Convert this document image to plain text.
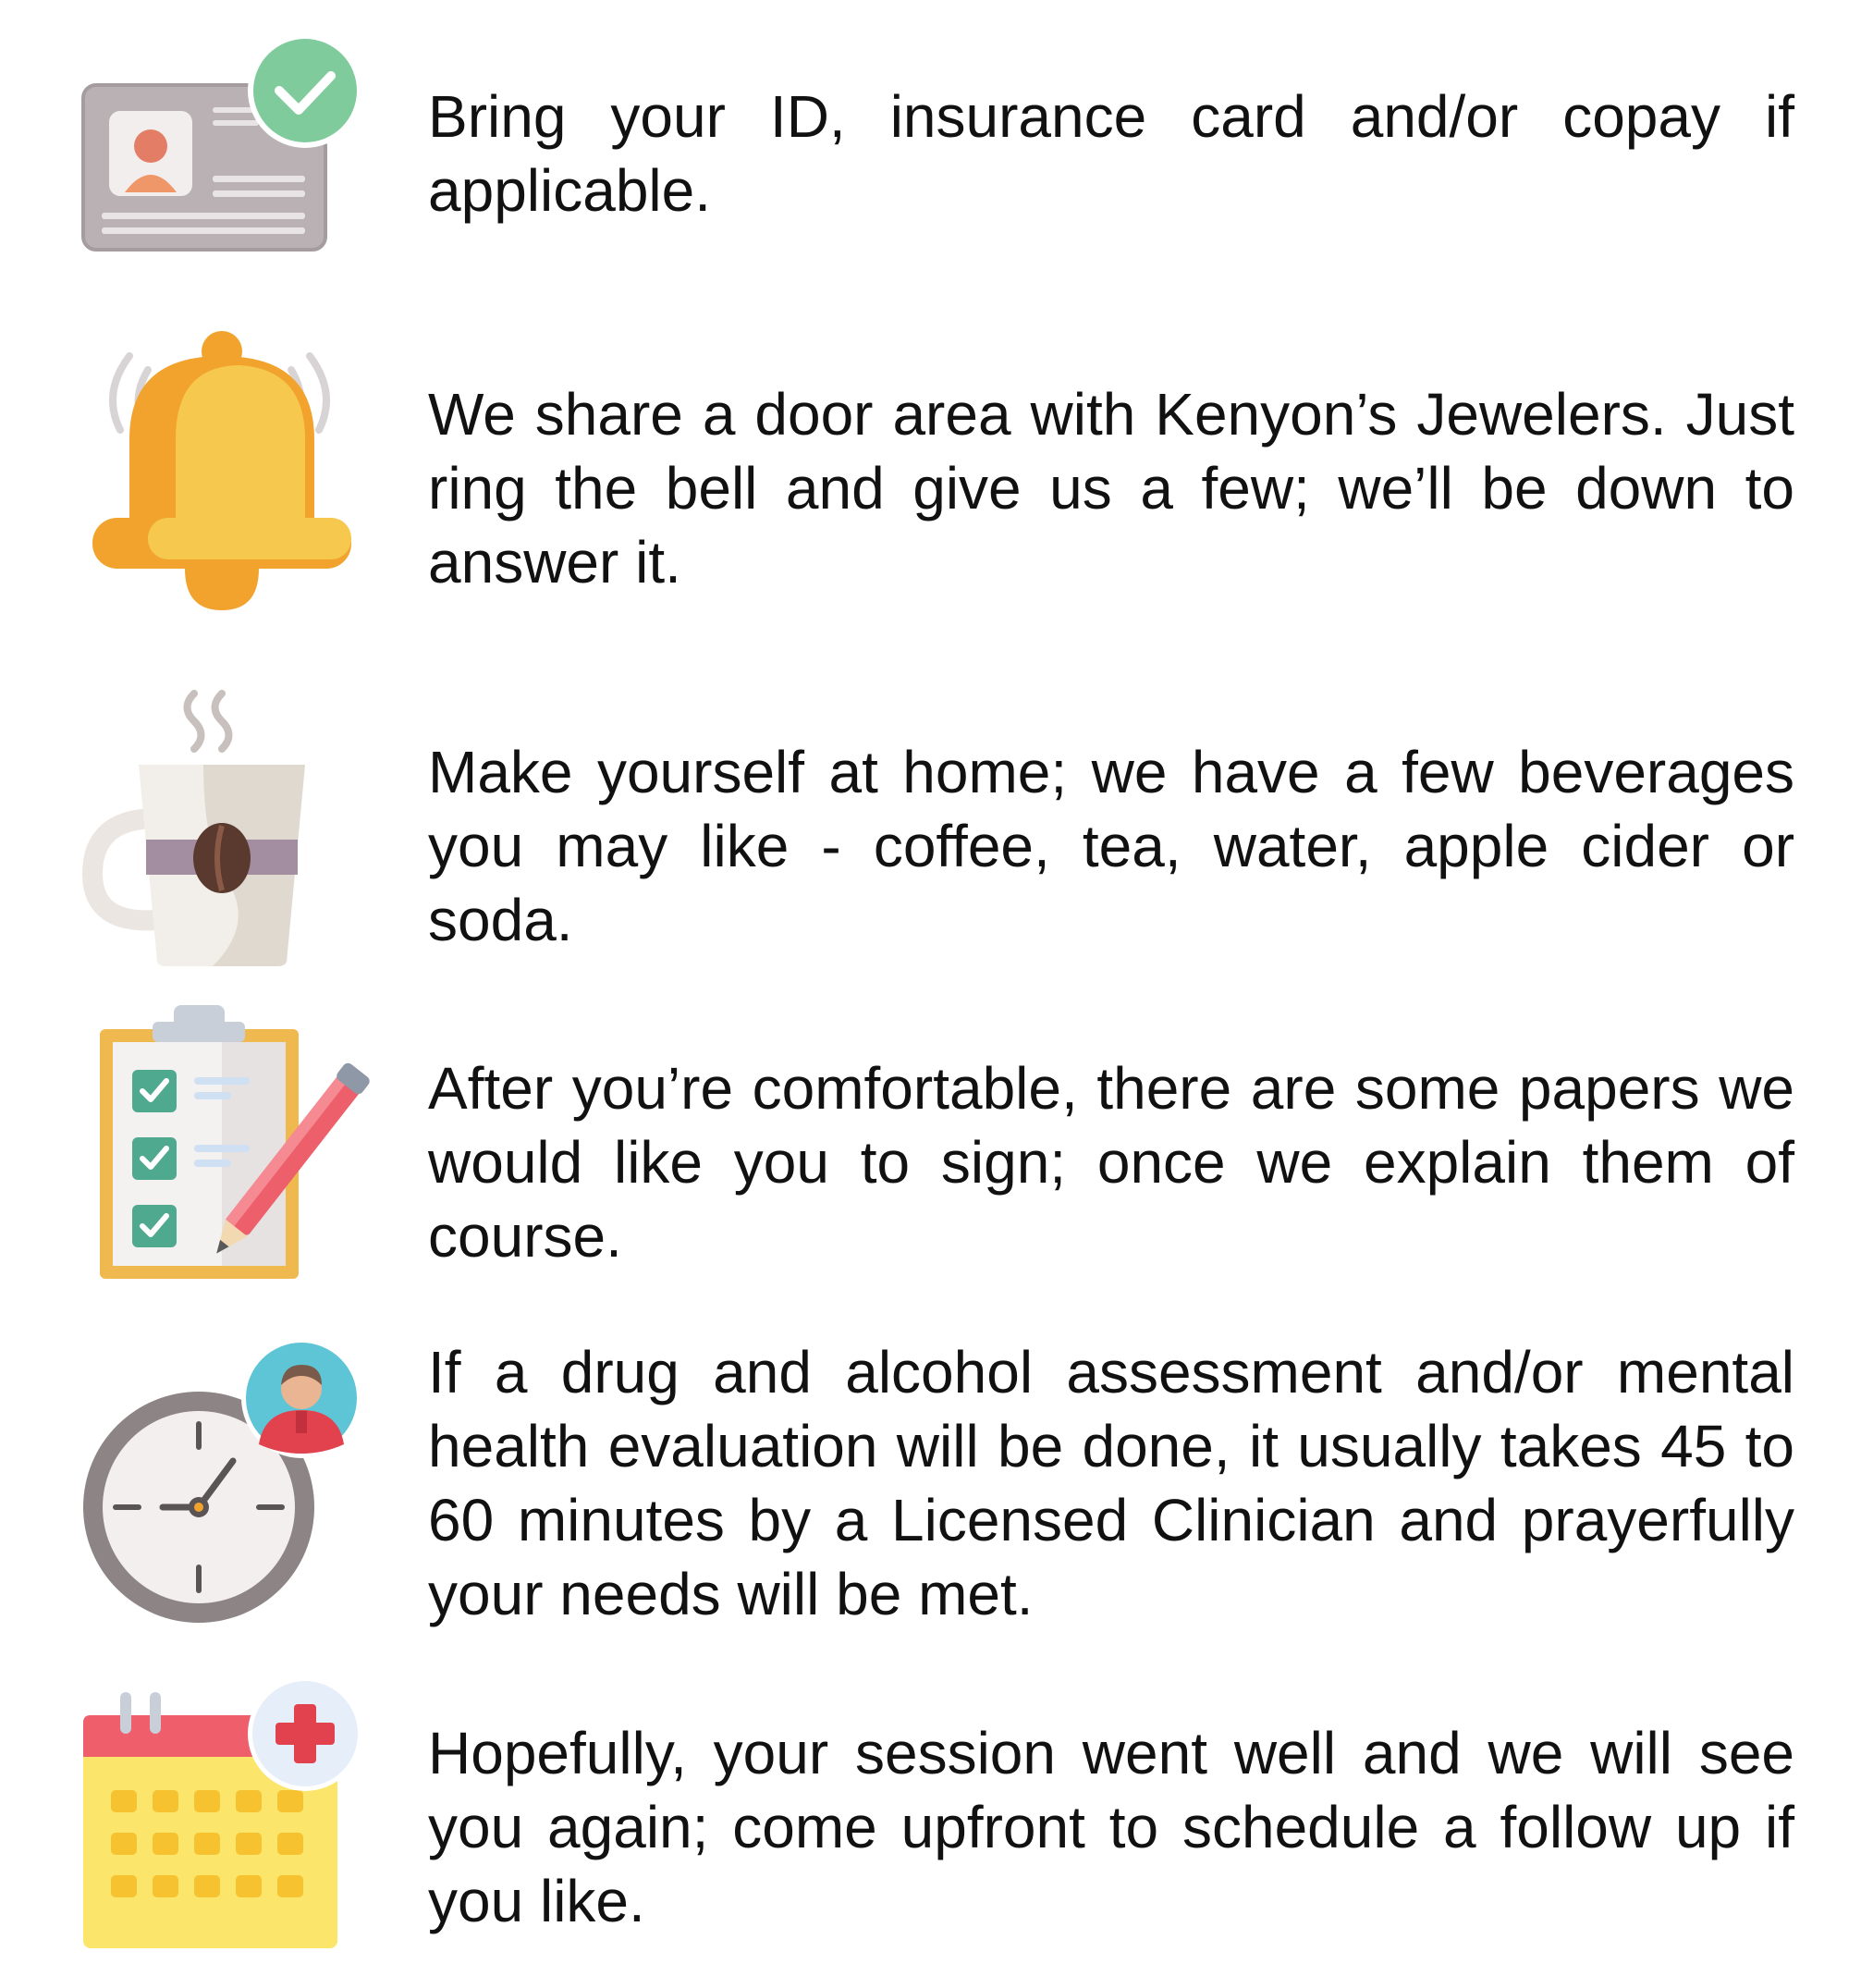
Bring your ID, insurance card and/or copay if applicable.
We share a door area with Kenyon’s Jewelers. Just ring the bell and give us a few; we’ll be down to answer it.
Make yourself at home; we have a few beverages you may like - coffee, tea, water, apple cider or soda.
After you’re comfortable, there are some papers we would like you to sign; once we explain them of course.
If a drug and alcohol assessment and/or mental health evaluation will be done, it usually takes 45 to 60 minutes by a Licensed Clinician and prayerfully your needs will be met.
Hopefully, your session went well and we will see you again; come upfront to schedule a follow up if you like.
